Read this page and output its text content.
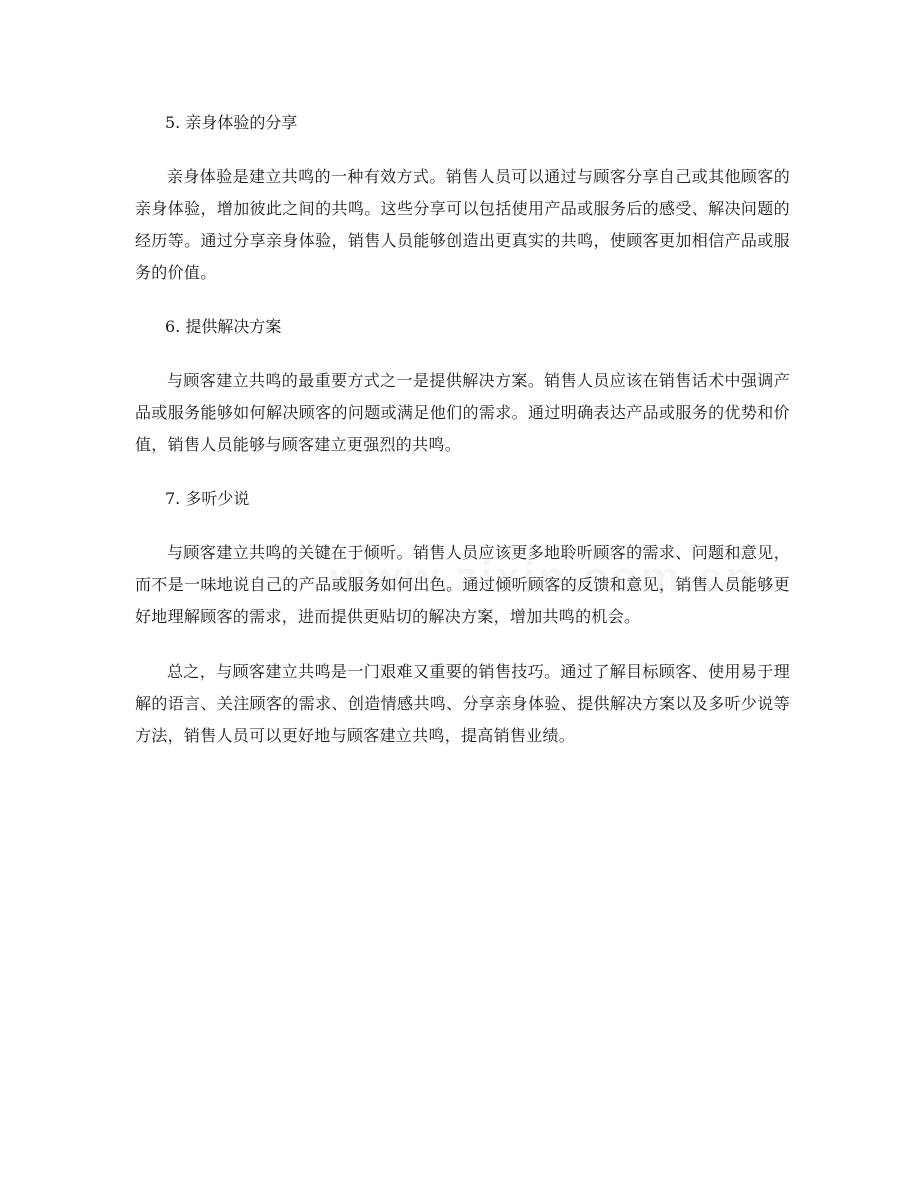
5. 亲身体验的分享

亲身体验是建立共鸣的一种有效方式。销售人员可以通过与顾客分享自己或其他顾客的亲身体验，增加彼此之间的共鸣。这些分享可以包括使用产品或服务后的感受、解决问题的经历等。通过分享亲身体验，销售人员能够创造出更真实的共鸣，使顾客更加相信产品或服务的价值。

6. 提供解决方案

与顾客建立共鸣的最重要方式之一是提供解决方案。销售人员应该在销售话术中强调产品或服务能够如何解决顾客的问题或满足他们的需求。通过明确表达产品或服务的优势和价值，销售人员能够与顾客建立更强烈的共鸣。

7. 多听少说

与顾客建立共鸣的关键在于倾听。销售人员应该更多地聆听顾客的需求、问题和意见，而不是一味地说自己的产品或服务如何出色。通过倾听顾客的反馈和意见，销售人员能够更好地理解顾客的需求，进而提供更贴切的解决方案，增加共鸣的机会。

总之，与顾客建立共鸣是一门艰难又重要的销售技巧。通过了解目标顾客、使用易于理解的语言、关注顾客的需求、创造情感共鸣、分享亲身体验、提供解决方案以及多听少说等方法，销售人员可以更好地与顾客建立共鸣，提高销售业绩。
